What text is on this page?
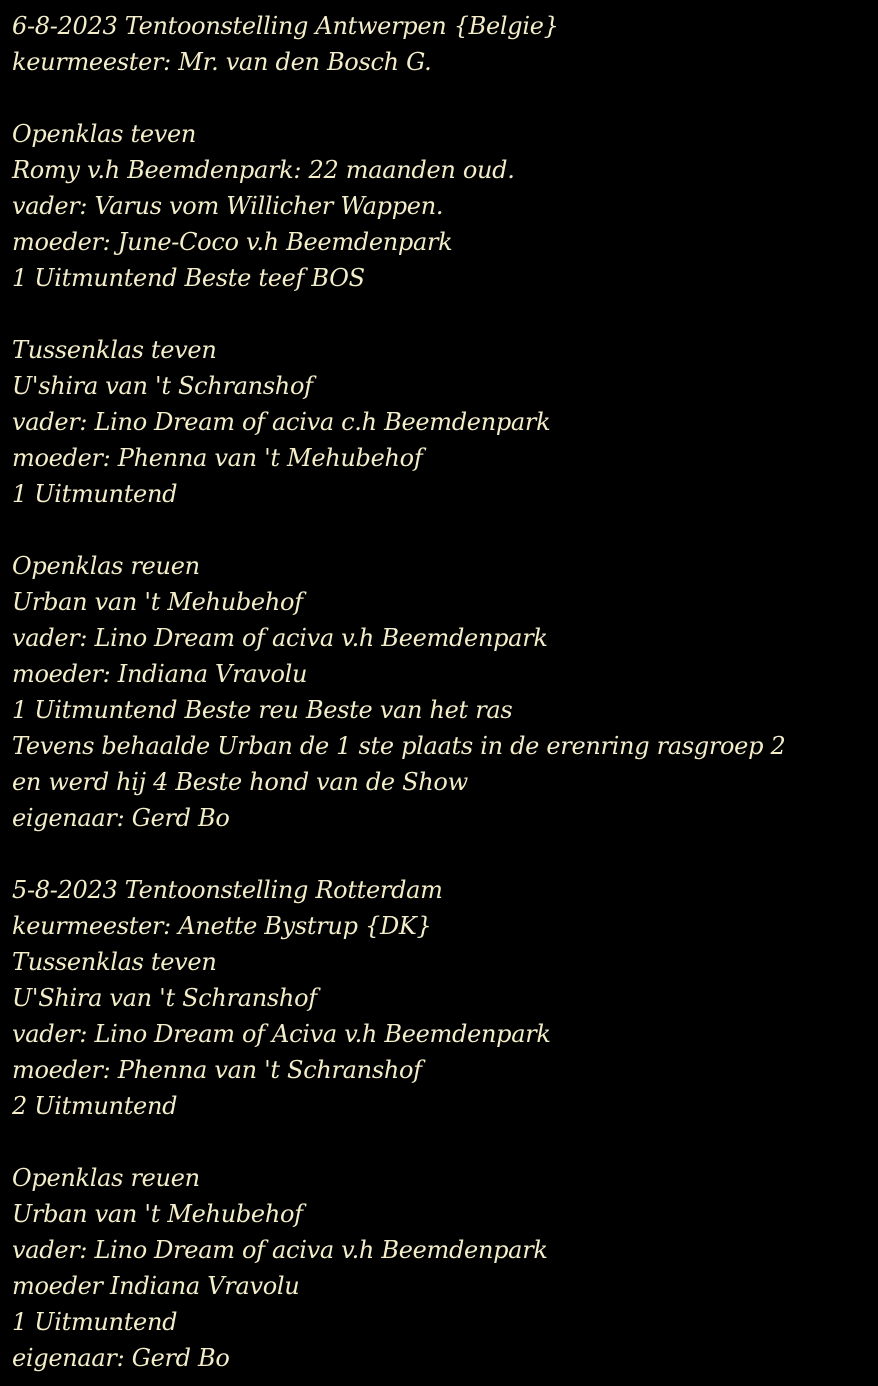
6-8-2023 Tentoonstelling Antwerpen {Belgie}
keurmeester: Mr. van den Bosch G.
Openklas teven
Romy v.h Beemdenpark: 22 maanden oud.
vader: Varus vom Willicher Wappen.
moeder: June-Coco v.h Beemdenpark
1 Uitmuntend Beste teef BOS
Tussenklas teven
U'shira van 't Schranshof
vader: Lino Dream of aciva c.h Beemdenpark
moeder: Phenna van 't Mehubehof
1 Uitmuntend
Openklas reuen
Urban van 't Mehubehof
vader: Lino Dream of aciva v.h Beemdenpark
moeder: Indiana Vravolu
1 Uitmuntend Beste reu Beste van het ras
Tevens behaalde Urban de 1 ste plaats in de erenring rasgroep 2
en werd hij 4 Beste hond van de Show
eigenaar: Gerd Bo
5-8-2023 Tentoonstelling Rotterdam
keurmeester: Anette Bystrup {DK}
Tussenklas teven
U'Shira van 't Schranshof
vader: Lino Dream of Aciva v.h Beemdenpark
moeder: Phenna van 't Schranshof
2 Uitmuntend
Openklas reuen
Urban van 't Mehubehof
vader: Lino Dream of aciva v.h Beemdenpark
moeder Indiana Vravolu
1 Uitmuntend
eigenaar: Gerd Bo
